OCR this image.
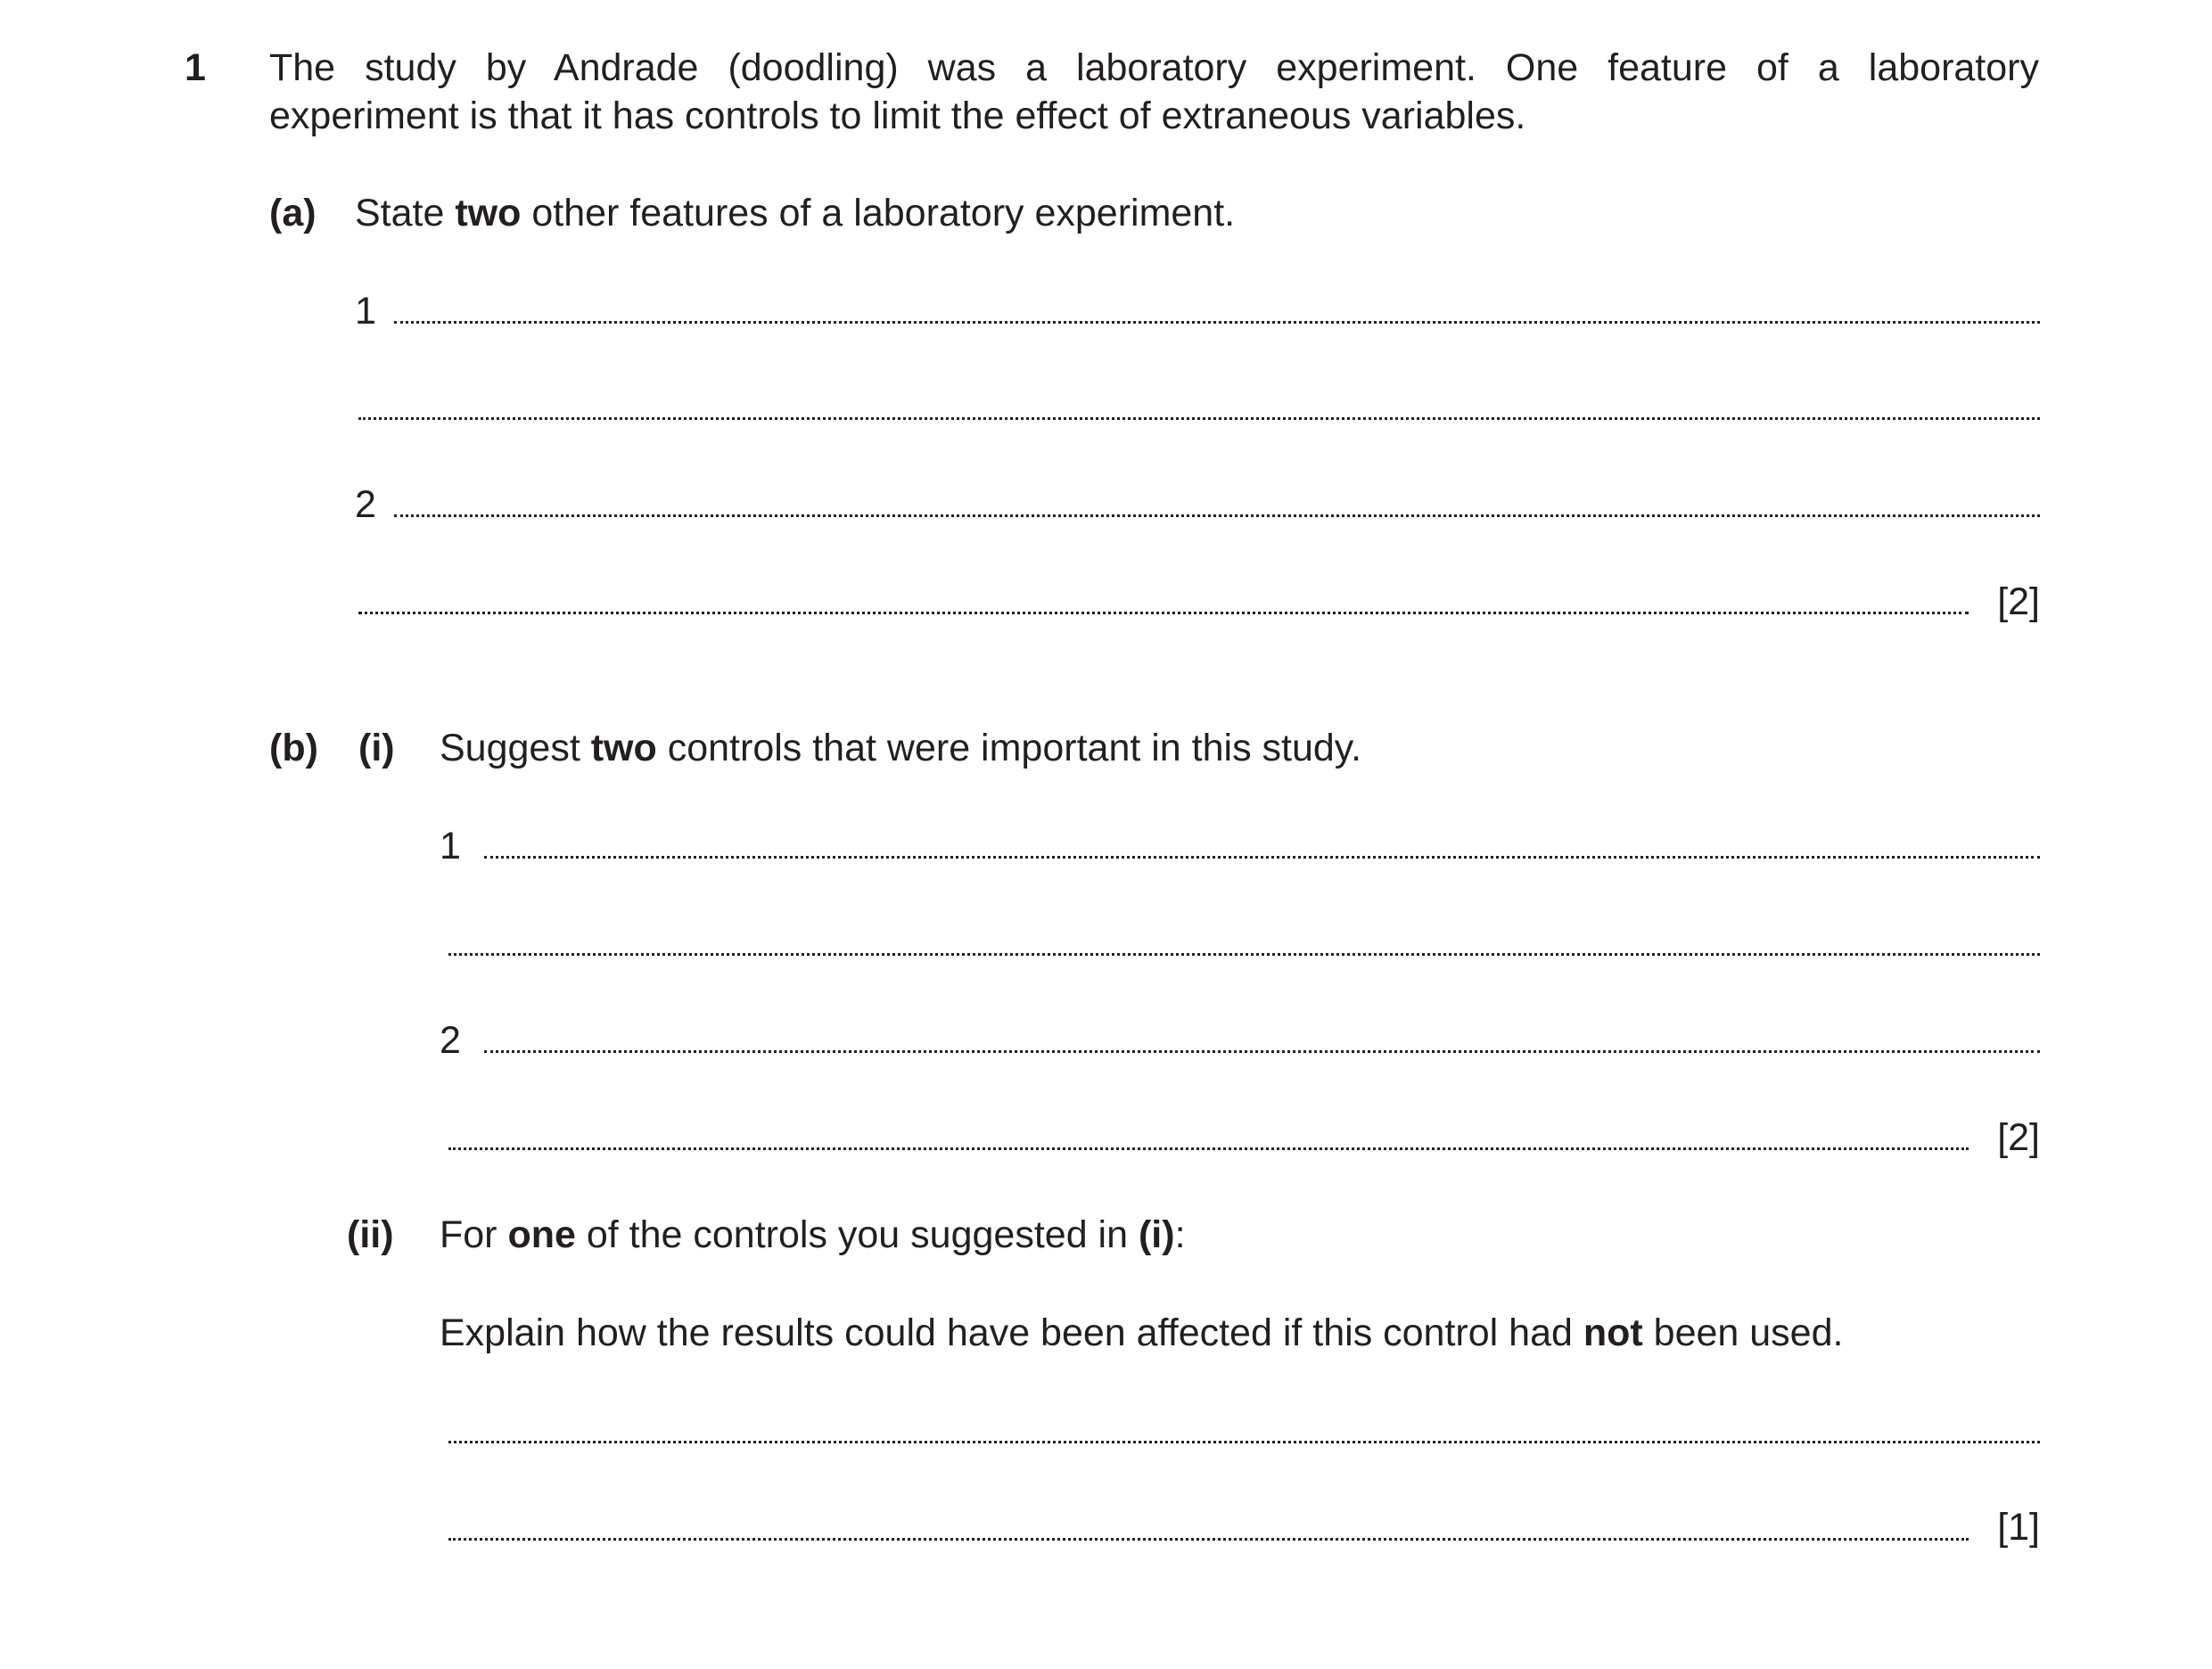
1 The study by Andrade (doodling) was a laboratory experiment. One feature of a laboratory
experiment is that it has controls to limit the effect of extraneous variables.
(a) State two other features of a laboratory experiment.
1
2
[2]
(b) (i) Suggest two controls that were important in this study.
1
2
[2]
(ii) For one of the controls you suggested in (i):
Explain how the results could have been affected if this control had not been used.
[1]
